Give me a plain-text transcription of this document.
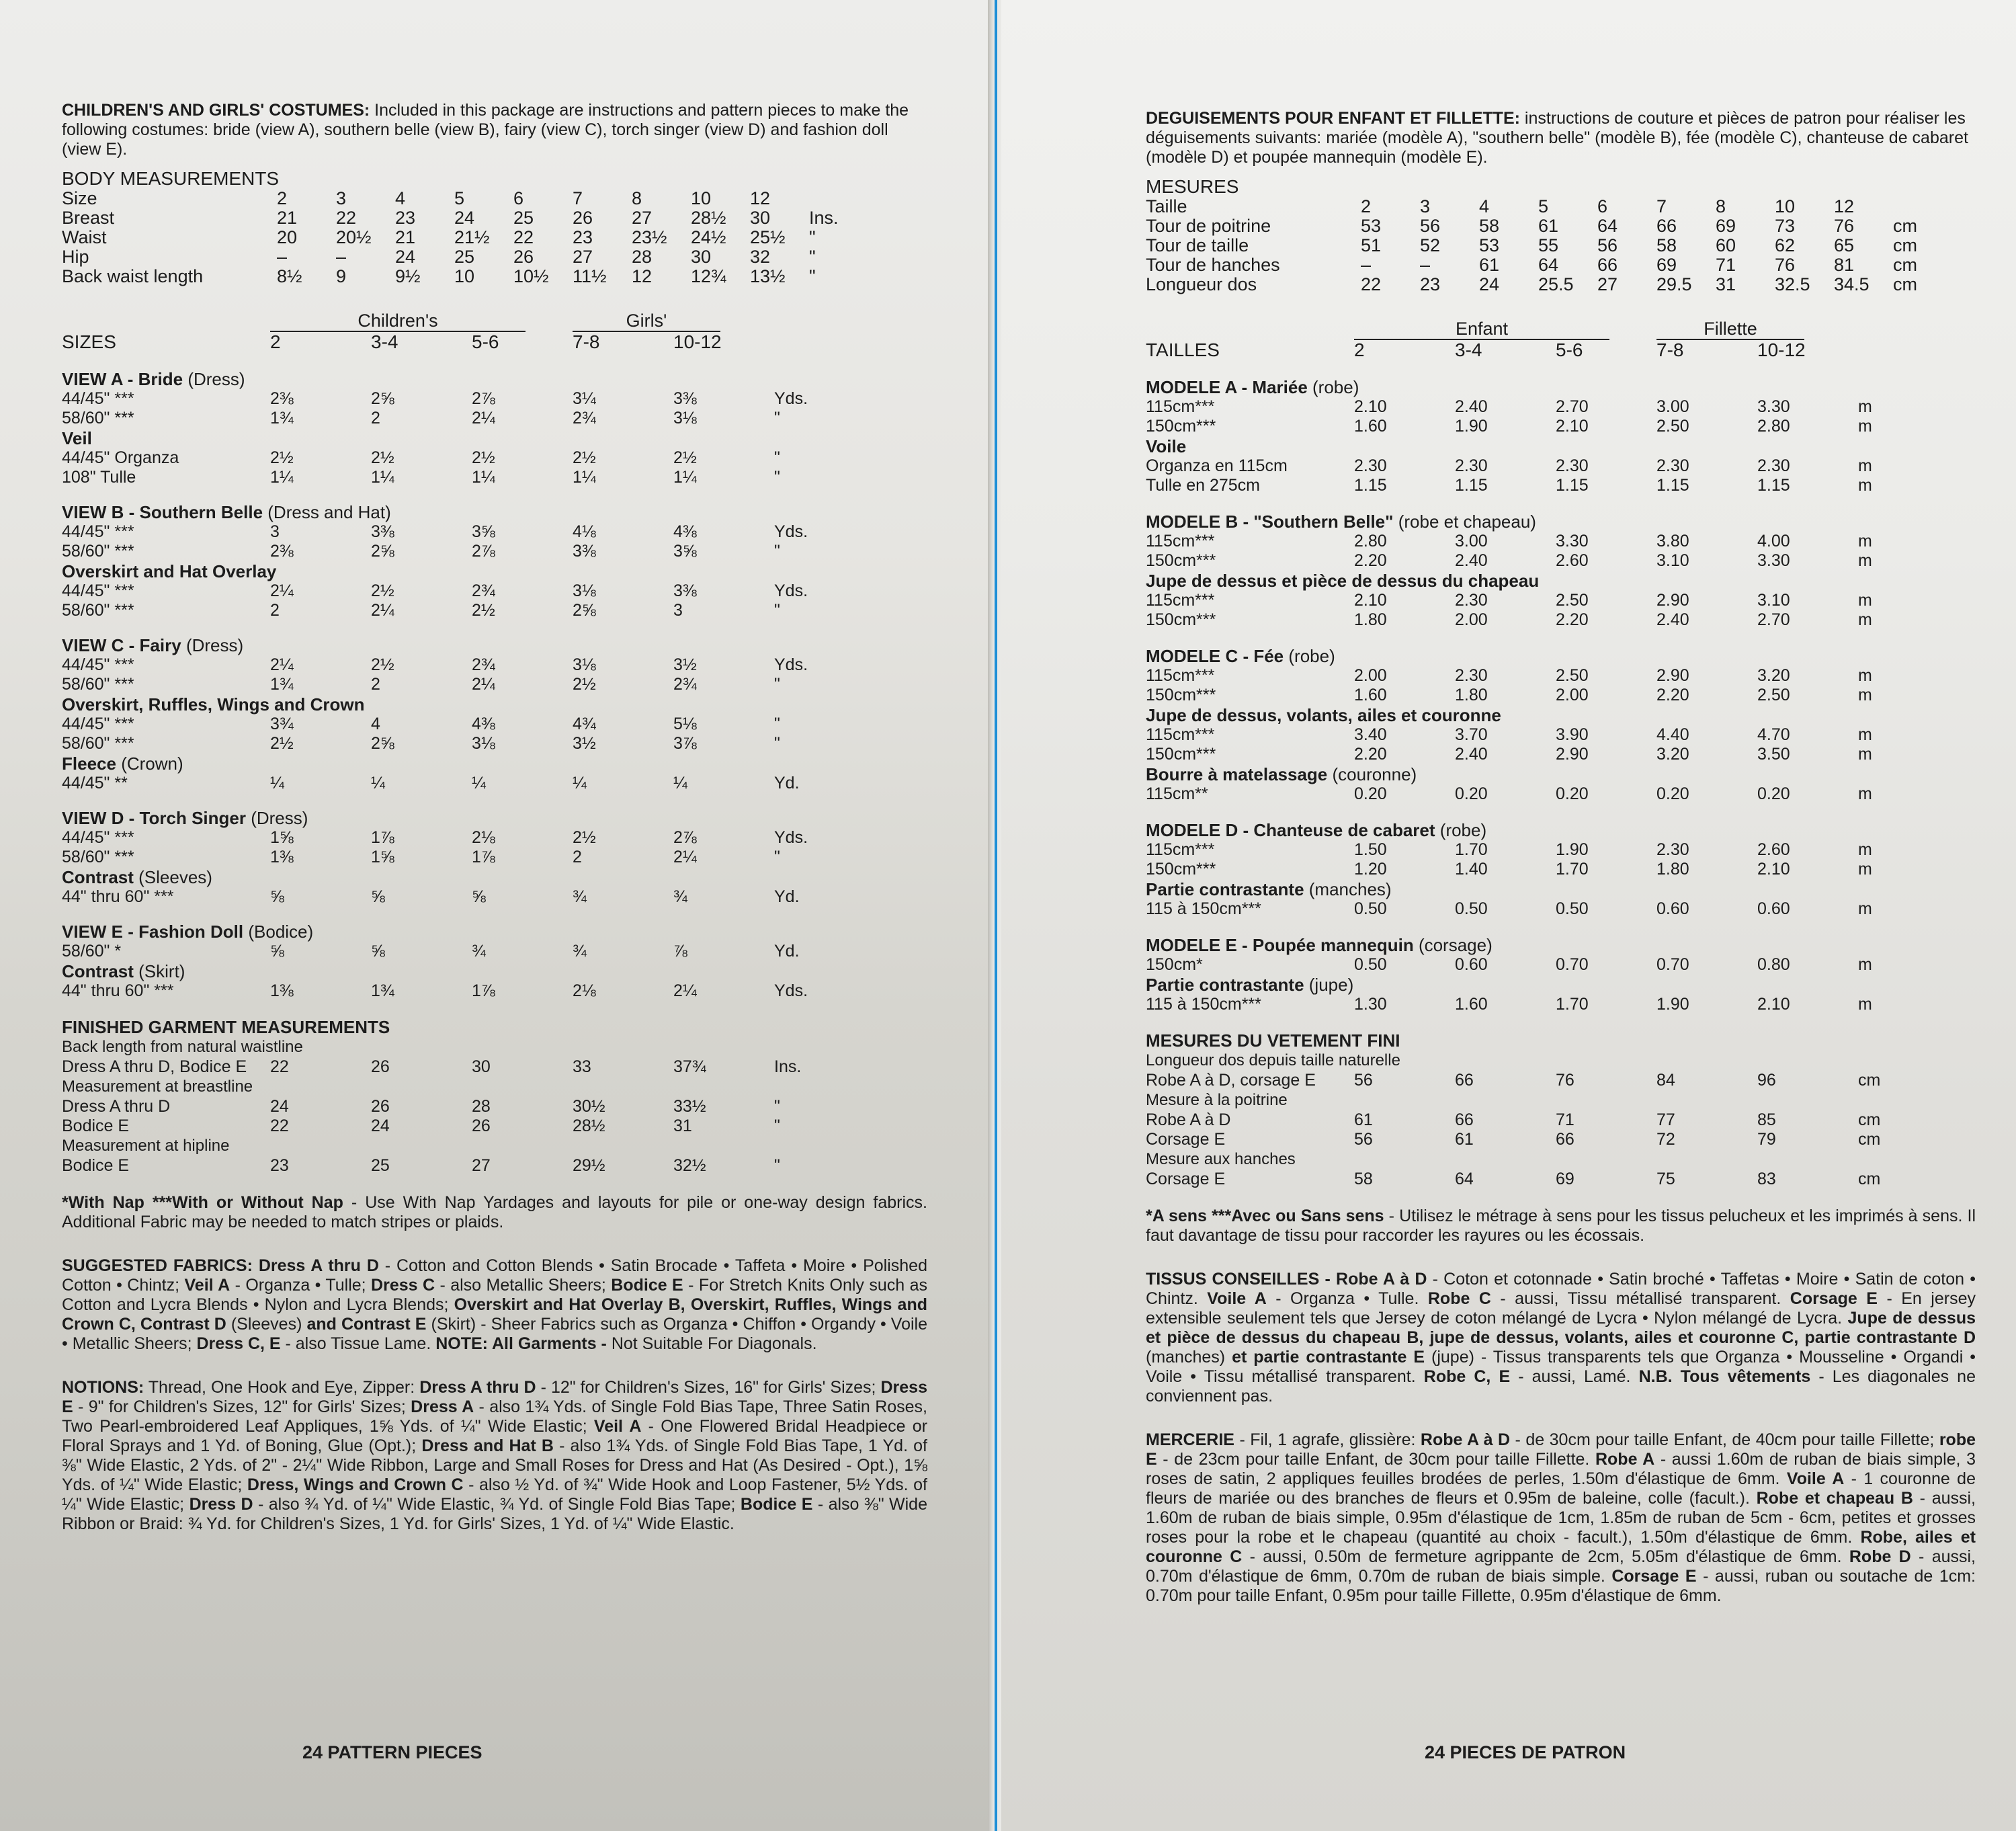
CHILDREN'S AND GIRLS' COSTUMES: Included in this package are instructions and pattern pieces to make the following costumes: bride (view A), southern belle (view B), fairy (view C), torch singer (view D) and fashion doll (view E).
BODY MEASUREMENTS
Size	2	3	4	5	6	7	8	10	12
Breast	21	22	23	24	25	26	27	28½	30	Ins.
Waist	20	20½	21	21½	22	23	23½	24½	25½	"
Hip	–	–	24	25	26	27	28	30	32	"
Back waist length	8½	9	9½	10	10½	11½	12	12¾	13½	"
Children's	Girls'
SIZES	2	3-4	5-6	7-8	10-12
VIEW A - Bride (Dress)
44/45" ***	2⅜	2⅝	2⅞	3¼	3⅜	Yds.
58/60" ***	1¾	2	2¼	2¾	3⅛	"
Veil
44/45" Organza	2½	2½	2½	2½	2½	"
108" Tulle	1¼	1¼	1¼	1¼	1¼	"
VIEW B - Southern Belle (Dress and Hat)
44/45" ***	3	3⅜	3⅝	4⅛	4⅜	Yds.
58/60" ***	2⅜	2⅝	2⅞	3⅜	3⅝	"
Overskirt and Hat Overlay
44/45" ***	2¼	2½	2¾	3⅛	3⅜	Yds.
58/60" ***	2	2¼	2½	2⅝	3	"
VIEW C - Fairy (Dress)
44/45" ***	2¼	2½	2¾	3⅛	3½	Yds.
58/60" ***	1¾	2	2¼	2½	2¾	"
Overskirt, Ruffles, Wings and Crown
44/45" ***	3¾	4	4⅜	4¾	5⅛	"
58/60" ***	2½	2⅝	3⅛	3½	3⅞	"
Fleece (Crown)
44/45" **	¼	¼	¼	¼	¼	Yd.
VIEW D - Torch Singer (Dress)
44/45" ***	1⅝	1⅞	2⅛	2½	2⅞	Yds.
58/60" ***	1⅜	1⅝	1⅞	2	2¼	"
Contrast (Sleeves)
44" thru 60" ***	⅝	⅝	⅝	¾	¾	Yd.
VIEW E - Fashion Doll (Bodice)
58/60" *	⅝	⅝	¾	¾	⅞	Yd.
Contrast (Skirt)
44" thru 60" ***	1⅜	1¾	1⅞	2⅛	2¼	Yds.
FINISHED GARMENT MEASUREMENTS
Back length from natural waistline
Dress A thru D, Bodice E	22	26	30	33	37¾	Ins.
Measurement at breastline
Dress A thru D	24	26	28	30½	33½	"
Bodice E	22	24	26	28½	31	"
Measurement at hipline
Bodice E	23	25	27	29½	32½	"
*With Nap ***With or Without Nap - Use With Nap Yardages and layouts for pile or one-way design fabrics. Additional Fabric may be needed to match stripes or plaids.
SUGGESTED FABRICS: Dress A thru D - Cotton and Cotton Blends • Satin Brocade • Taffeta • Moire • Polished Cotton • Chintz; Veil A - Organza • Tulle; Dress C - also Metallic Sheers; Bodice E - For Stretch Knits Only such as Cotton and Lycra Blends • Nylon and Lycra Blends; Overskirt and Hat Overlay B, Overskirt, Ruffles, Wings and Crown C, Contrast D (Sleeves) and Contrast E (Skirt) - Sheer Fabrics such as Organza • Chiffon • Organdy • Voile • Metallic Sheers; Dress C, E - also Tissue Lame. NOTE: All Garments - Not Suitable For Diagonals.
NOTIONS: Thread, One Hook and Eye, Zipper: Dress A thru D - 12" for Children's Sizes, 16" for Girls' Sizes; Dress E - 9" for Children's Sizes, 12" for Girls' Sizes; Dress A - also 1¾ Yds. of Single Fold Bias Tape, Three Satin Roses, Two Pearl-embroidered Leaf Appliques, 1⅝ Yds. of ¼" Wide Elastic; Veil A - One Flowered Bridal Headpiece or Floral Sprays and 1 Yd. of Boning, Glue (Opt.); Dress and Hat B - also 1¾ Yds. of Single Fold Bias Tape, 1 Yd. of ⅜" Wide Elastic, 2 Yds. of 2" - 2¼" Wide Ribbon, Large and Small Roses for Dress and Hat (As Desired - Opt.), 1⅝ Yds. of ¼" Wide Elastic; Dress, Wings and Crown C - also ½ Yd. of ¾" Wide Hook and Loop Fastener, 5½ Yds. of ¼" Wide Elastic; Dress D - also ¾ Yd. of ¼" Wide Elastic, ¾ Yd. of Single Fold Bias Tape; Bodice E - also ⅜" Wide Ribbon or Braid: ¾ Yd. for Children's Sizes, 1 Yd. for Girls' Sizes, 1 Yd. of ¼" Wide Elastic.
24 PATTERN PIECES
DEGUISEMENTS POUR ENFANT ET FILLETTE: instructions de couture et pièces de patron pour réaliser les déguisements suivants: mariée (modèle A), "southern belle" (modèle B), fée (modèle C), chanteuse de cabaret (modèle D) et poupée mannequin (modèle E).
MESURES
Taille	2	3	4	5	6	7	8	10	12
Tour de poitrine	53	56	58	61	64	66	69	73	76	cm
Tour de taille	51	52	53	55	56	58	60	62	65	cm
Tour de hanches	–	–	61	64	66	69	71	76	81	cm
Longueur dos	22	23	24	25.5	27	29.5	31	32.5	34.5	cm
Enfant	Fillette
TAILLES	2	3-4	5-6	7-8	10-12
MODELE A - Mariée (robe)
115cm***	2.10	2.40	2.70	3.00	3.30	m
150cm***	1.60	1.90	2.10	2.50	2.80	m
Voile
Organza en 115cm	2.30	2.30	2.30	2.30	2.30	m
Tulle en 275cm	1.15	1.15	1.15	1.15	1.15	m
MODELE B - "Southern Belle" (robe et chapeau)
115cm***	2.80	3.00	3.30	3.80	4.00	m
150cm***	2.20	2.40	2.60	3.10	3.30	m
Jupe de dessus et pièce de dessus du chapeau
115cm***	2.10	2.30	2.50	2.90	3.10	m
150cm***	1.80	2.00	2.20	2.40	2.70	m
MODELE C - Fée (robe)
115cm***	2.00	2.30	2.50	2.90	3.20	m
150cm***	1.60	1.80	2.00	2.20	2.50	m
Jupe de dessus, volants, ailes et couronne
115cm***	3.40	3.70	3.90	4.40	4.70	m
150cm***	2.20	2.40	2.90	3.20	3.50	m
Bourre à matelassage (couronne)
115cm**	0.20	0.20	0.20	0.20	0.20	m
MODELE D - Chanteuse de cabaret (robe)
115cm***	1.50	1.70	1.90	2.30	2.60	m
150cm***	1.20	1.40	1.70	1.80	2.10	m
Partie contrastante (manches)
115 à 150cm***	0.50	0.50	0.50	0.60	0.60	m
MODELE E - Poupée mannequin (corsage)
150cm*	0.50	0.60	0.70	0.70	0.80	m
Partie contrastante (jupe)
115 à 150cm***	1.30	1.60	1.70	1.90	2.10	m
MESURES DU VETEMENT FINI
Longueur dos depuis taille naturelle
Robe A à D, corsage E	56	66	76	84	96	cm
Mesure à la poitrine
Robe A à D	61	66	71	77	85	cm
Corsage E	56	61	66	72	79	cm
Mesure aux hanches
Corsage E	58	64	69	75	83	cm
*A sens ***Avec ou Sans sens - Utilisez le métrage à sens pour les tissus pelucheux et les imprimés à sens. Il faut davantage de tissu pour raccorder les rayures ou les écossais.
TISSUS CONSEILLES - Robe A à D - Coton et cotonnade • Satin broché • Taffetas • Moire • Satin de coton • Chintz. Voile A - Organza • Tulle. Robe C - aussi, Tissu métallisé transparent. Corsage E - En jersey extensible seulement tels que Jersey de coton mélangé de Lycra • Nylon mélangé de Lycra. Jupe de dessus et pièce de dessus du chapeau B, jupe de dessus, volants, ailes et couronne C, partie contrastante D (manches) et partie contrastante E (jupe) - Tissus transparents tels que Organza • Mousseline • Organdi • Voile • Tissu métallisé transparent. Robe C, E - aussi, Lamé. N.B. Tous vêtements - Les diagonales ne conviennent pas.
MERCERIE - Fil, 1 agrafe, glissière: Robe A à D - de 30cm pour taille Enfant, de 40cm pour taille Fillette; robe E - de 23cm pour taille Enfant, de 30cm pour taille Fillette. Robe A - aussi 1.60m de ruban de biais simple, 3 roses de satin, 2 appliques feuilles brodées de perles, 1.50m d'élastique de 6mm. Voile A - 1 couronne de fleurs de mariée ou des branches de fleurs et 0.95m de baleine, colle (facult.). Robe et chapeau B - aussi, 1.60m de ruban de biais simple, 0.95m d'élastique de 1cm, 1.85m de ruban de 5cm - 6cm, petites et grosses roses pour la robe et le chapeau (quantité au choix - facult.), 1.50m d'élastique de 6mm. Robe, ailes et couronne C - aussi, 0.50m de fermeture agrippante de 2cm, 5.05m d'élastique de 6mm. Robe D - aussi, 0.70m d'élastique de 6mm, 0.70m de ruban de biais simple. Corsage E - aussi, ruban ou soutache de 1cm: 0.70m pour taille Enfant, 0.95m pour taille Fillette, 0.95m d'élastique de 6mm.
24 PIECES DE PATRON
